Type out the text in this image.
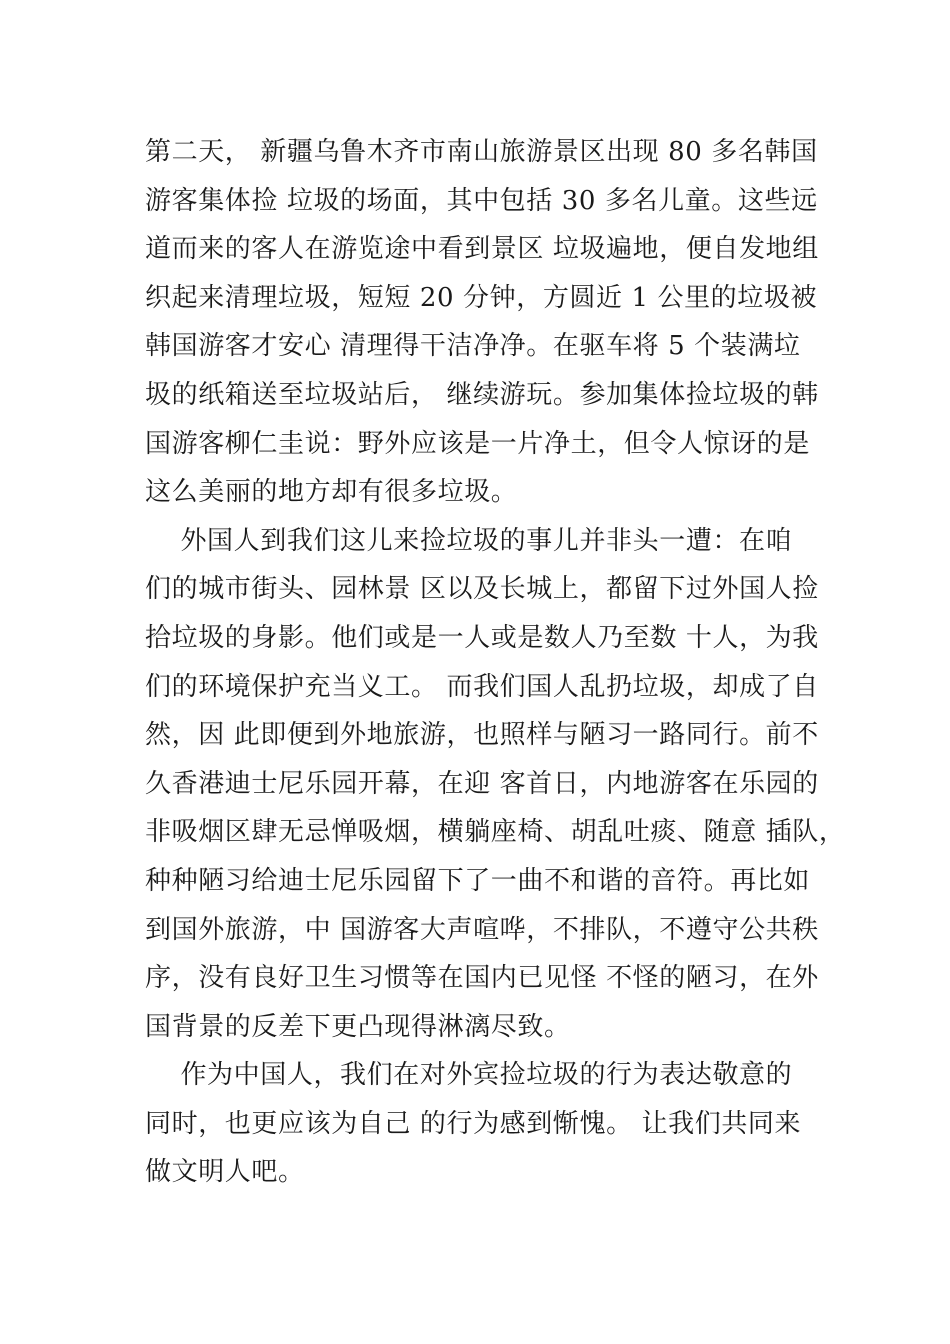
第二天， 新疆乌鲁木齐市南山旅游景区出现 80 多名韩国
游客集体捡 垃圾的场面，其中包括 30 多名儿童。这些远
道而来的客人在游览途中看到景区 垃圾遍地，便自发地组
织起来清理垃圾，短短 20 分钟，方圆近 1 公里的垃圾被
韩国游客才安心 清理得干洁净净。在驱车将 5 个装满垃
圾的纸箱送至垃圾站后， 继续游玩。参加集体捡垃圾的韩
国游客柳仁圭说：野外应该是一片净土，但令人惊讶的是
这么美丽的地方却有很多垃圾。
外国人到我们这儿来捡垃圾的事儿并非头一遭：在咱
们的城市街头、园林景 区以及长城上，都留下过外国人捡
拾垃圾的身影。他们或是一人或是数人乃至数 十人，为我
们的环境保护充当义工。 而我们国人乱扔垃圾，却成了自
然，因 此即便到外地旅游，也照样与陋习一路同行。前不
久香港迪士尼乐园开幕，在迎 客首日，内地游客在乐园的
非吸烟区肆无忌惮吸烟，横躺座椅、胡乱吐痰、随意 插队，
种种陋习给迪士尼乐园留下了一曲不和谐的音符。再比如
到国外旅游，中 国游客大声喧哗，不排队，不遵守公共秩
序，没有良好卫生习惯等在国内已见怪 不怪的陋习，在外
国背景的反差下更凸现得淋漓尽致。
作为中国人，我们在对外宾捡垃圾的行为表达敬意的
同时，也更应该为自己 的行为感到惭愧。 让我们共同来
做文明人吧。
